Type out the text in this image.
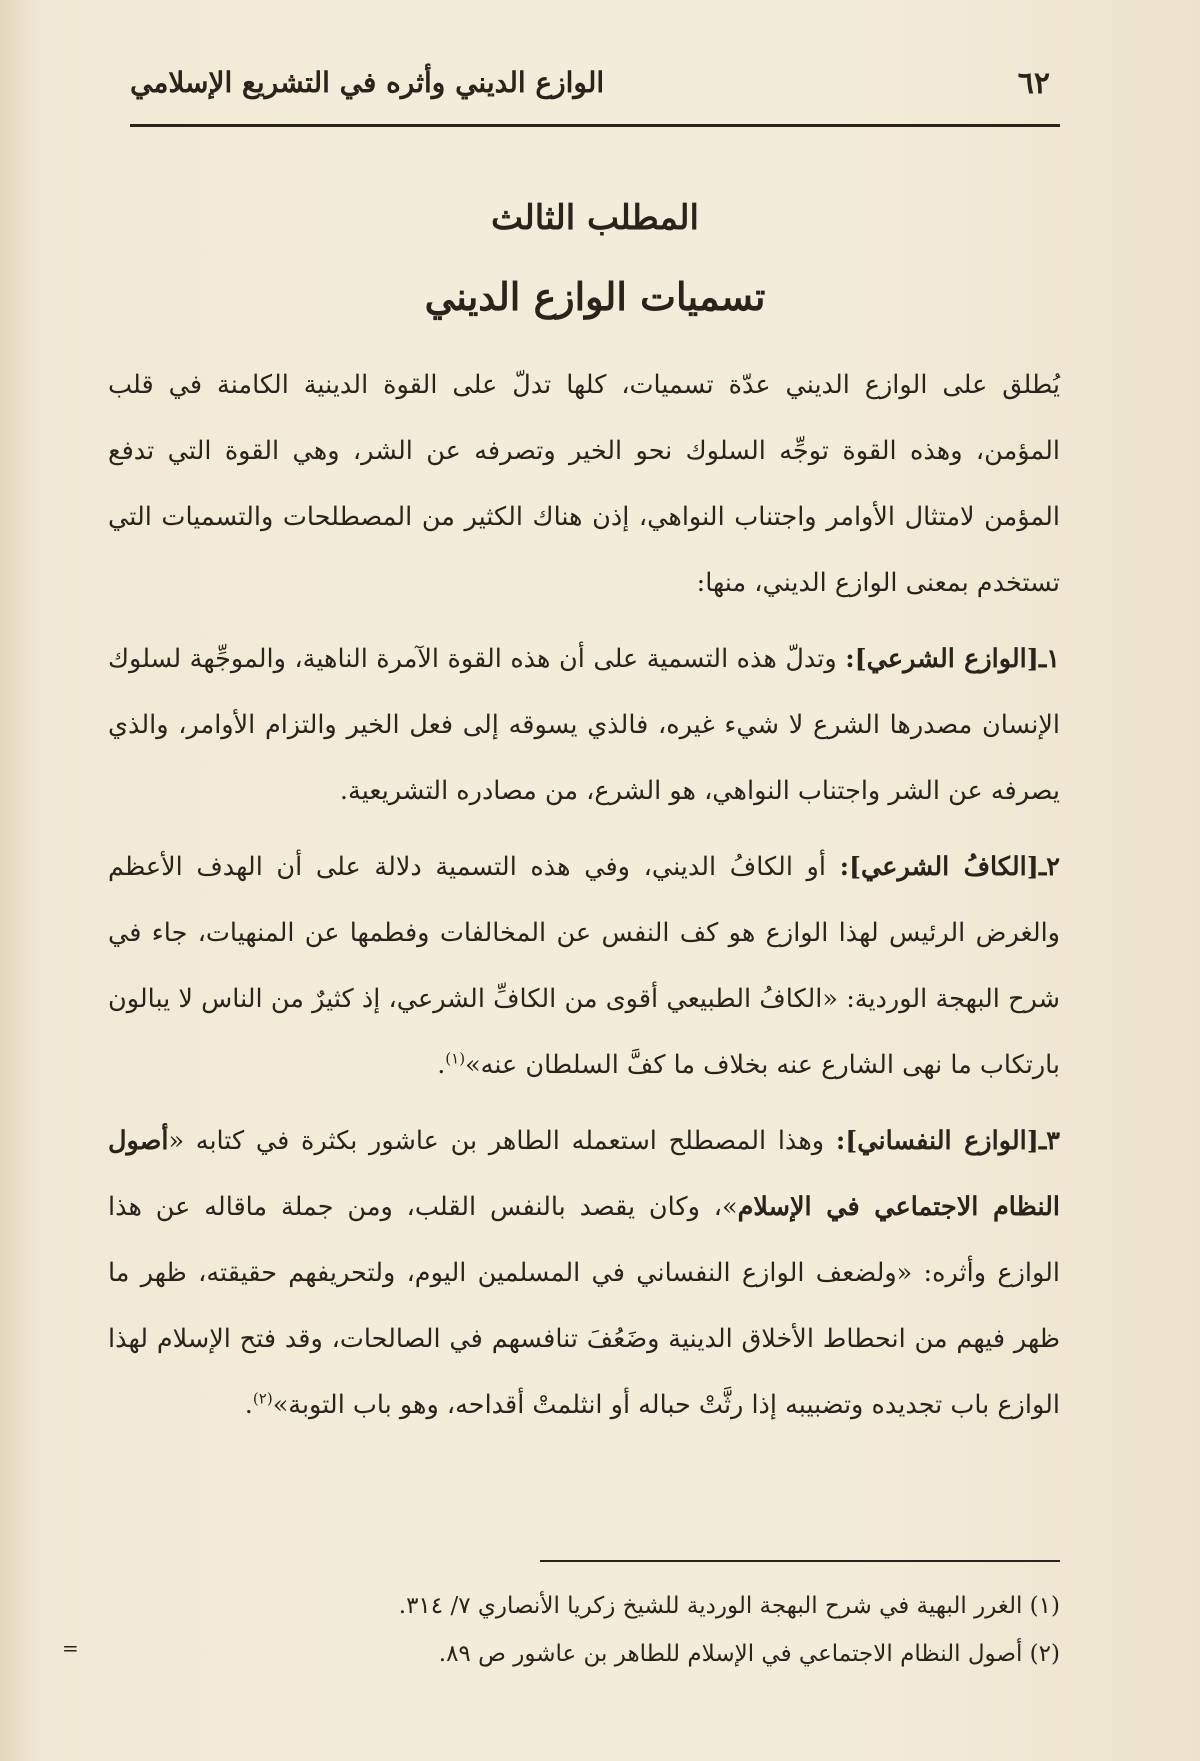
٦٢
الوازع الديني وأثره في التشريع الإسلامي
المطلب الثالث
تسميات الوازع الديني

يُطلق على الوازع الديني عدّة تسميات، كلها تدلّ على القوة الدينية الكامنة في قلب المؤمن، وهذه القوة توجِّه السلوك نحو الخير وتصرفه عن الشر، وهي القوة التي تدفع المؤمن لامتثال الأوامر واجتناب النواهي، إذن هناك الكثير من المصطلحات والتسميات التي تستخدم بمعنى الوازع الديني، منها:

١ـ[الوازع الشرعي]: وتدلّ هذه التسمية على أن هذه القوة الآمرة الناهية، والموجِّهة لسلوك الإنسان مصدرها الشرع لا شيء غيره، فالذي يسوقه إلى فعل الخير والتزام الأوامر، والذي يصرفه عن الشر واجتناب النواهي، هو الشرع، من مصادره التشريعية.

٢ـ[الكافُ الشرعي]: أو الكافُ الديني، وفي هذه التسمية دلالة على أن الهدف الأعظم والغرض الرئيس لهذا الوازع هو كف النفس عن المخالفات وفطمها عن المنهيات، جاء في شرح البهجة الوردية: «الكافُ الطبيعي أقوى من الكافِّ الشرعي، إذ كثيرٌ من الناس لا يبالون بارتكاب ما نهى الشارع عنه بخلاف ما كفَّ السلطان عنه»$^{(١)}$.

٣ـ[الوازع النفساني]: وهذا المصطلح استعمله الطاهر بن عاشور بكثرة في كتابه «أصول النظام الاجتماعي في الإسلام»، وكان يقصد بالنفس القلب، ومن جملة ماقاله عن هذا الوازع وأثره: «ولضعف الوازع النفساني في المسلمين اليوم، ولتحريفهم حقيقته، ظهر ما ظهر فيهم من انحطاط الأخلاق الدينية وضَعُفَ تنافسهم في الصالحات، وقد فتح الإسلام لهذا الوازع باب تجديده وتضبيبه إذا رثَّتْ حباله أو انثلمتْ أقداحه، وهو باب التوبة»$^{(٢)}$.

(١) الغرر البهية في شرح البهجة الوردية للشيخ زكريا الأنصاري ٧/ ٣١٤.
(٢) أصول النظام الاجتماعي في الإسلام للطاهر بن عاشور ص ٨٩.
=
